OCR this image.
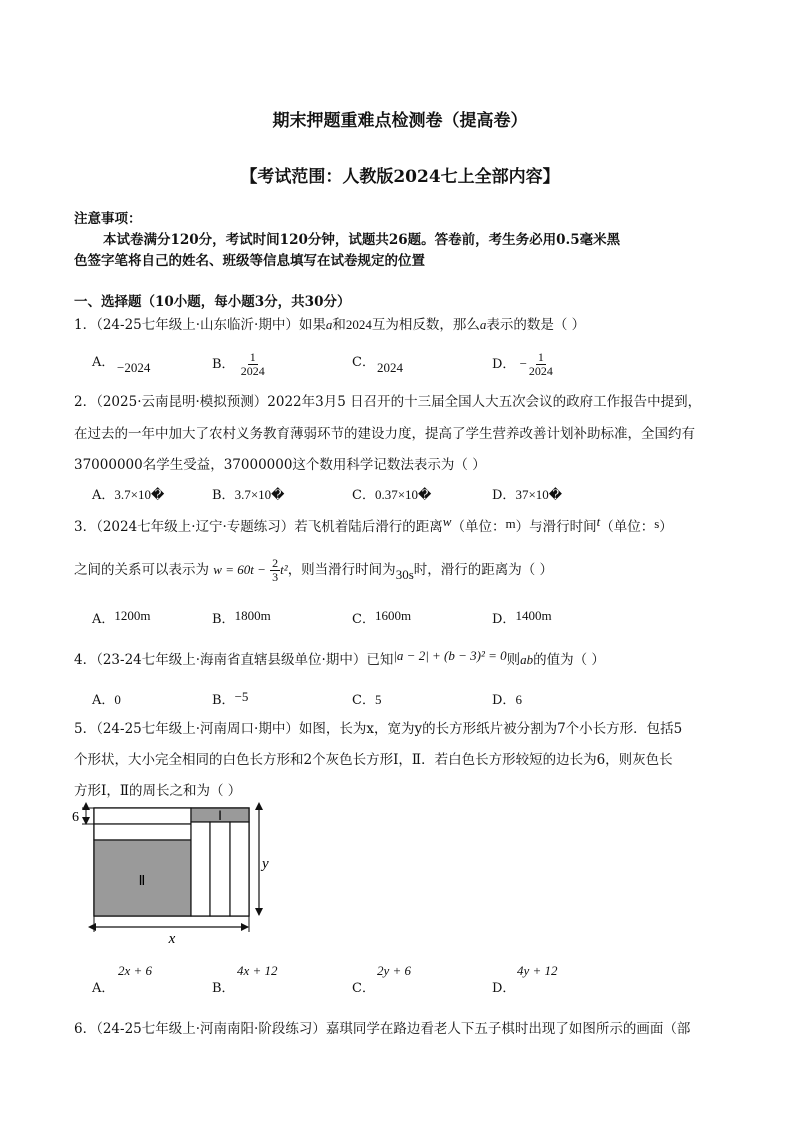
期末押题重难点检测卷（提高卷）
【考试范围：人教版2024七上全部内容】
注意事项：
本试卷满分120分，考试时间120分钟，试题共26题。答卷前，考生务必用0.5毫米黑
色签字笔将自己的姓名、班级等信息填写在试卷规定的位置
一、选择题（10小题，每小题3分，共30分）
1．（24-25七年级上·山东临沂·期中）如果a和2024互为相反数，那么a表示的数是（ ）
A． −2024	B． $\frac{1}{2024}$	C． 2024	D． − $\frac{1}{2024}$
2．（2025·云南昆明·模拟预测）2022年3月5 日召开的十三届全国人大五次会议的政府工作报告中提到，
在过去的一年中加大了农村义务教育薄弱环节的建设力度，提高了学生营养改善计划补助标准，全国约有
37000000名学生受益，37000000这个数用科学记数法表示为（ ）
A．3.7×10�	B．3.7×10�	C．0.37×10�	D．37×10�
3．（2024七年级上·辽宁·专题练习）若飞机着陆后滑行的距离w（单位：m）与滑行时间t（单位：s）
之间的关系可以表示为 $w = 60t - \frac{2}{3} t^2$，则当滑行时间为30s时，滑行的距离为（ ）
A．1200m	B．1800m	C．1600m	D．1400m
4．（23-24七年级上·海南省直辖县级单位·期中）已知|a − 2| + (b − 3)² = 0则ab的值为（ ）
A．0	B．−5	C．5	D．6
5．（24-25七年级上·河南周口·期中）如图，长为x，宽为y的长方形纸片被分割为7个小长方形．包括5
个形状，大小完全相同的白色长方形和2个灰色长方形Ⅰ，Ⅱ．若白色长方形较短的边长为6，则灰色长
方形Ⅰ，Ⅱ的周长之和为（ ）
Ⅰ
Ⅱ
6
y
x
A．
2x + 6
B．
4x + 12
C．
2y + 6
D．
4y + 12
6．（24-25七年级上·河南南阳·阶段练习）嘉琪同学在路边看老人下五子棋时出现了如图所示的画面（部
